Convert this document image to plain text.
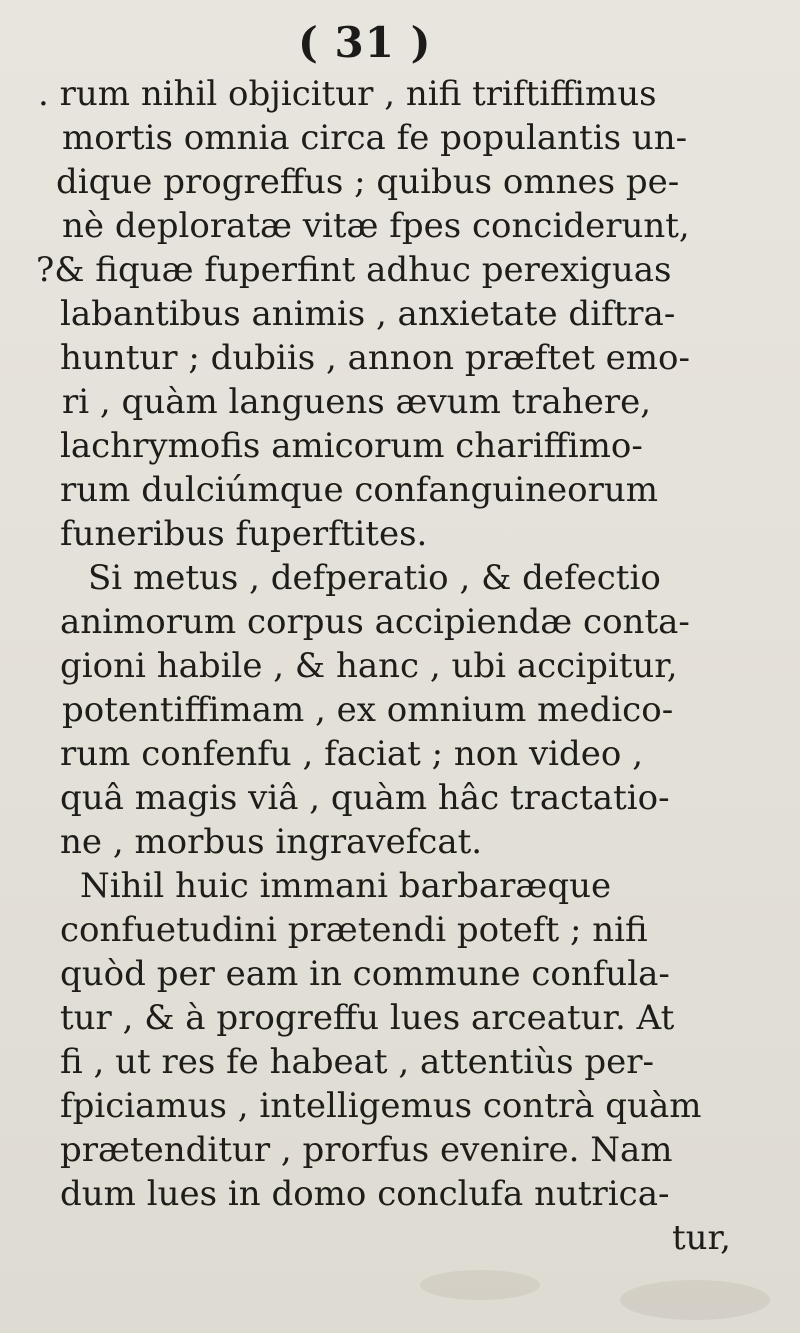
( 31 )
. rum nihil objicitur , nifi triftiffimus
mortis omnia circa fe populantis un-
dique progreffus ; quibus omnes pe-
nè deploratæ vitæ fpes conciderunt,
?& fiquæ fuperfint adhuc perexiguas
labantibus animis , anxietate diftra-
huntur ; dubiis , annon præftet emo-
ri , quàm languens ævum trahere,
lachrymofis amicorum chariffimo-
rum dulciúmque confanguineorum
funeribus fuperftites.
Si metus , defperatio , & defectio
animorum corpus accipiendæ conta-
gioni habile , & hanc , ubi accipitur,
potentiffimam , ex omnium medico-
rum confenfu , faciat ; non video ,
quâ magis viâ , quàm hâc tractatio-
ne , morbus ingravefcat.
Nihil huic immani barbaræque
confuetudini prætendi poteft ; nifi
quòd per eam in commune confula-
tur , & à progreffu lues arceatur. At
fi , ut res fe habeat , attentiùs per-
fpiciamus , intelligemus contrà quàm
prætenditur , prorfus evenire. Nam
dum lues in domo conclufa nutrica-
tur,
